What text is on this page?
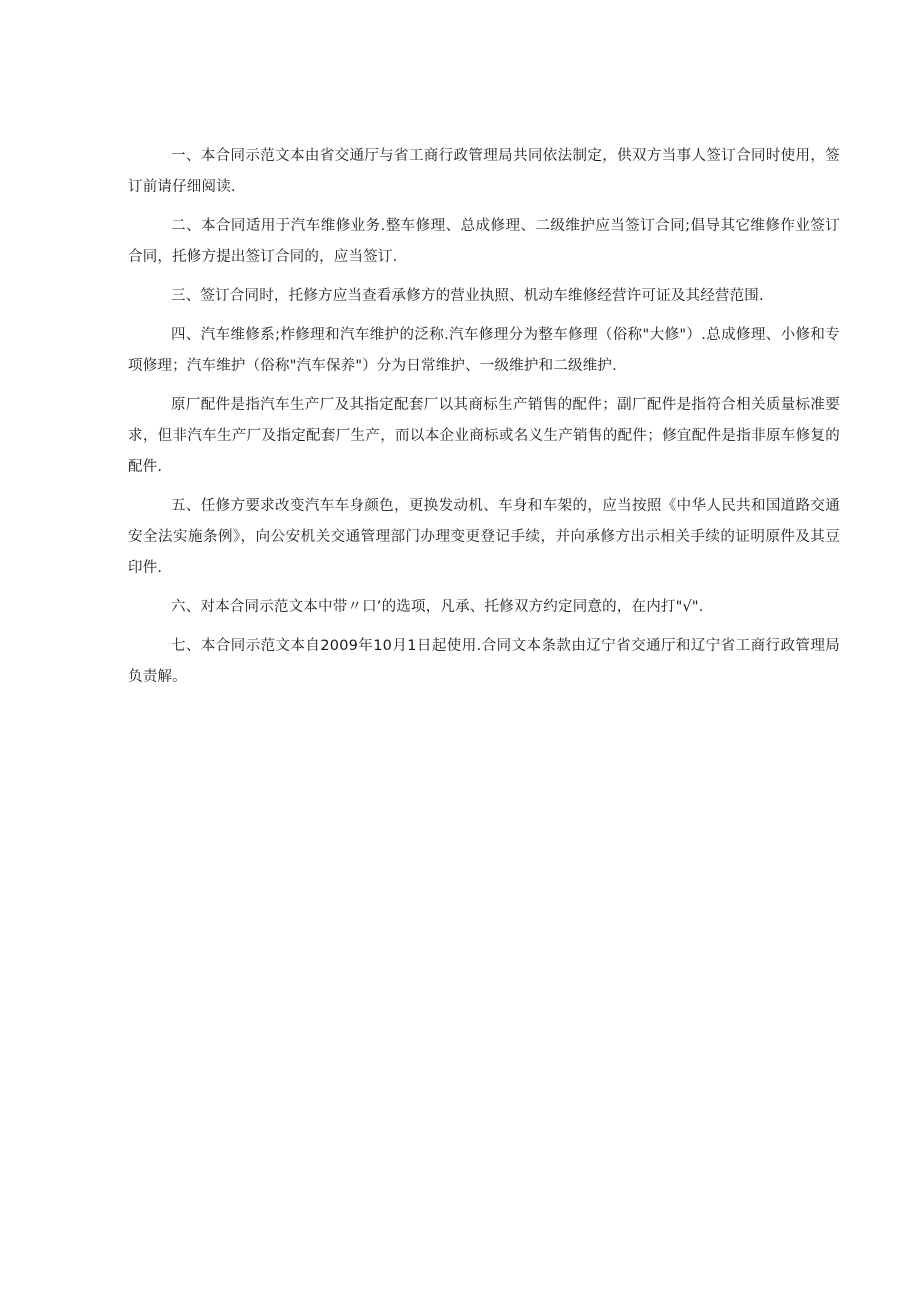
一、本合同示范文本由省交通厅与省工商行政管理局共同依法制定，供双方当事人签订合同时使用，签订前请仔细阅读.

二、本合同适用于汽车维修业务.整车修理、总成修理、二级维护应当签订合同;倡导其它维修作业签订合同，托修方提出签订合同的，应当签订.

三、签订合同时，托修方应当查看承修方的营业执照、机动车维修经营许可证及其经营范围.

四、汽车维修系;柞修理和汽车维护的泛称.汽车修理分为整车修理（俗称"大修"）.总成修理、小修和专项修理；汽车维护（俗称"汽车保养"）分为日常维护、一级维护和二级维护.

原厂配件是指汽车生产厂及其指定配套厂以其商标生产销售的配件；副厂配件是指符合相关质量标准要求，但非汽车生产厂及指定配套厂生产，而以本企业商标或名义生产销售的配件；修宜配件是指非原车修复的配件.

五、任修方要求改变汽车车身颜色，更换发动机、车身和车架的，应当按照《中华人民共和国道路交通安全法实施条例》，向公安机关交通管理部门办理变更登记手续，并向承修方出示相关手续的证明原件及其豆印件.

六、对本合同示范文本中带〃口’的选项，凡承、托修双方约定同意的，在内打"√".

七、本合同示范文本自2009年10月1日起使用.合同文本条款由辽宁省交通厅和辽宁省工商行政管理局负责解。
